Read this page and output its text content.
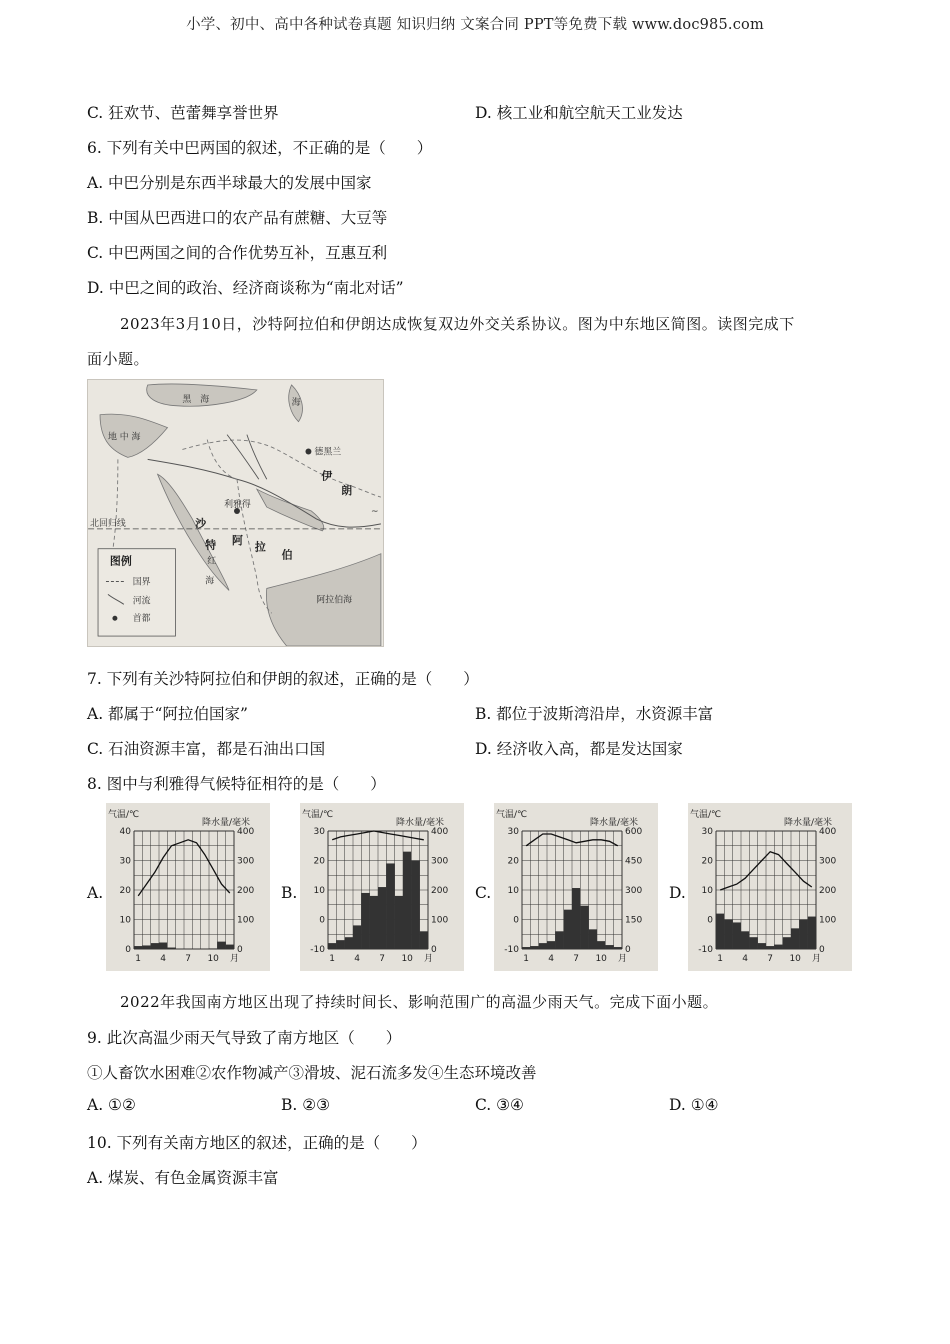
小学、初中、高中各种试卷真题 知识归纳 文案合同 PPT等免费下载 www.doc985.com
C. 狂欢节、芭蕾舞享誉世界	D. 核工业和航空航天工业发达
6. 下列有关中巴两国的叙述，不正确的是（　　）
A. 中巴分别是东西半球最大的发展中国家
B. 中国从巴西进口的农产品有蔗糖、大豆等
C. 中巴两国之间的合作优势互补，互惠互利
D. 中巴之间的政治、经济商谈称为“南北对话”
2023年3月10日，沙特阿拉伯和伊朗达成恢复双边外交关系协议。图为中东地区简图。读图完成下
面小题。
黑　海	海
地 中 海
德黑兰
伊
朗
利雅得
沙
特 阿
拉
伯
北回归线
红
海
阿拉伯海
~
图例
国界
河流
首都
7. 下列有关沙特阿拉伯和伊朗的叙述，正确的是（　　）
A. 都属于“阿拉伯国家”	B. 都位于波斯湾沿岸，水资源丰富
C. 石油资源丰富，都是石油出口国	D. 经济收入高，都是发达国家
8. 图中与利雅得气候特征相符的是（　　）
A.
气温/℃
降水量/毫米
0
10
20
30
40
0
100
200
300
400
1 4 7 10 月
B.
气温/℃
降水量/毫米
-10
0
10
20
30
0
100
200
300
400
1 4 7 10 月
C.
气温/℃
降水量/毫米
-10
0
10
20
30
0
150
300
450
600
1 4 7 10 月
D.
气温/℃
降水量/毫米
-10
0
10
20
30
0
100
200
300
400
1 4 7 10 月
2022年我国南方地区出现了持续时间长、影响范围广的高温少雨天气。完成下面小题。
9. 此次高温少雨天气导致了南方地区（　　）
①人畜饮水困难②农作物减产③滑坡、泥石流多发④生态环境改善
A. ①②	B. ②③	C. ③④	D. ①④
10. 下列有关南方地区的叙述，正确的是（　　）
A. 煤炭、有色金属资源丰富
